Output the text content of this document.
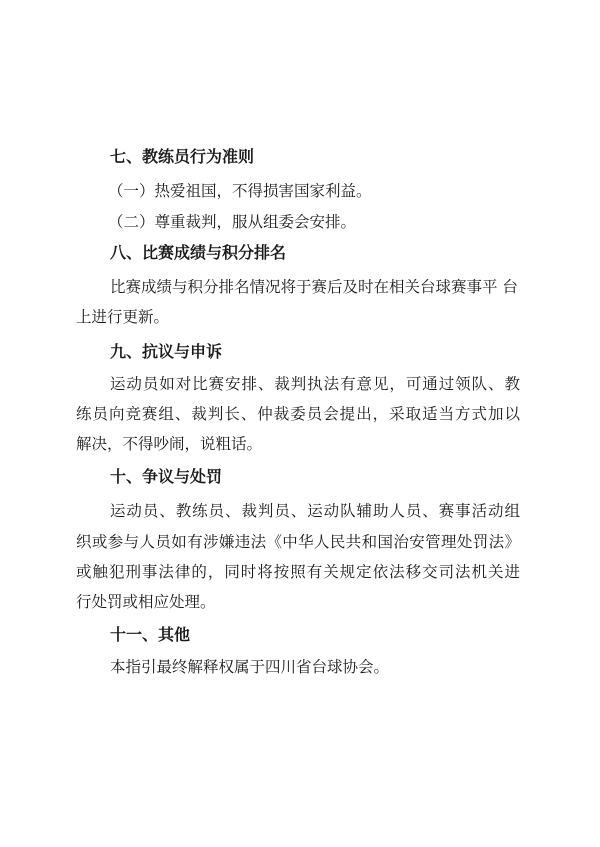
七、教练员行为准则

（一）热爱祖国，不得损害国家利益。

（二）尊重裁判，服从组委会安排。

八、比赛成绩与积分排名

比赛成绩与积分排名情况将于赛后及时在相关台球赛事平 台

上进行更新。

九、抗议与申诉

运动员如对比赛安排、裁判执法有意见，可通过领队、教

练员向竞赛组、裁判长、仲裁委员会提出，采取适当方式加以

解决，不得吵闹，说粗话。

十、争议与处罚

运动员、教练员、裁判员、运动队辅助人员、赛事活动组

织或参与人员如有涉嫌违法《中华人民共和国治安管理处罚法》

或触犯刑事法律的，同时将按照有关规定依法移交司法机关进

行处罚或相应处理。

十一、其他

本指引最终解释权属于四川省台球协会。
